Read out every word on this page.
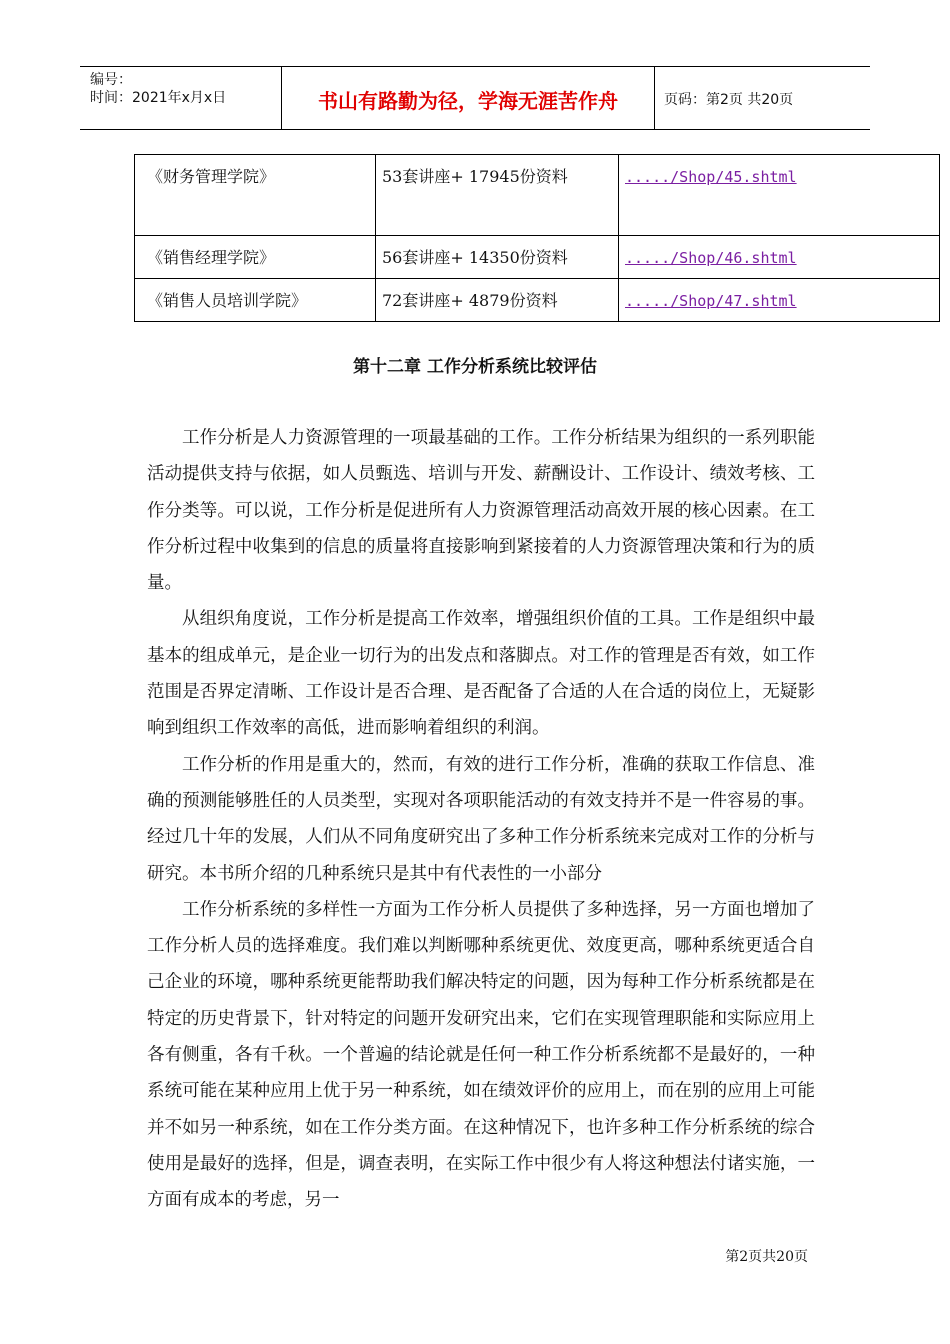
编号：
时间：2021年x月x日	书山有路勤为径，学海无涯苦作舟	页码：第2页 共20页
《财务管理学院》	53套讲座+ 17945份资料	...../Shop/45.shtml
《销售经理学院》	56套讲座+ 14350份资料	...../Shop/46.shtml
《销售人员培训学院》	72套讲座+ 4879份资料	...../Shop/47.shtml
第十二章 工作分析系统比较评估

工作分析是人力资源管理的一项最基础的工作。工作分析结果为组织的一系列职能活动提供支持与依据，如人员甄选、培训与开发、薪酬设计、工作设计、绩效考核、工作分类等。可以说，工作分析是促进所有人力资源管理活动高效开展的核心因素。在工作分析过程中收集到的信息的质量将直接影响到紧接着的人力资源管理决策和行为的质量。

从组织角度说，工作分析是提高工作效率，增强组织价值的工具。工作是组织中最基本的组成单元，是企业一切行为的出发点和落脚点。对工作的管理是否有效，如工作范围是否界定清晰、工作设计是否合理、是否配备了合适的人在合适的岗位上，无疑影响到组织工作效率的高低，进而影响着组织的利润。

工作分析的作用是重大的，然而，有效的进行工作分析，准确的获取工作信息、准确的预测能够胜任的人员类型，实现对各项职能活动的有效支持并不是一件容易的事。经过几十年的发展，人们从不同角度研究出了多种工作分析系统来完成对工作的分析与研究。本书所介绍的几种系统只是其中有代表性的一小部分

工作分析系统的多样性一方面为工作分析人员提供了多种选择，另一方面也增加了工作分析人员的选择难度。我们难以判断哪种系统更优、效度更高，哪种系统更适合自己企业的环境，哪种系统更能帮助我们解决特定的问题，因为每种工作分析系统都是在特定的历史背景下，针对特定的问题开发研究出来，它们在实现管理职能和实际应用上各有侧重，各有千秋。一个普遍的结论就是任何一种工作分析系统都不是最好的，一种系统可能在某种应用上优于另一种系统，如在绩效评价的应用上，而在别的应用上可能并不如另一种系统，如在工作分类方面。在这种情况下，也许多种工作分析系统的综合使用是最好的选择，但是，调查表明，在实际工作中很少有人将这种想法付诸实施，一方面有成本的考虑，另一

第2页共20页
